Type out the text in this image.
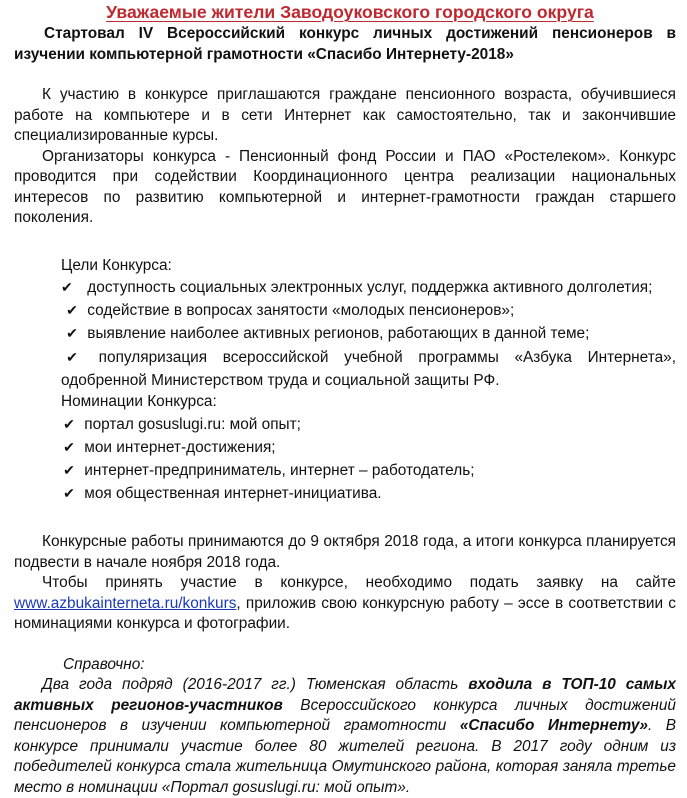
Уважаемые жители Заводоуковского городского округа

Стартовал IV Всероссийский конкурс личных достижений пенсионеров в изучении компьютерной грамотности «Спасибо Интернету-2018»

К участию в конкурсе приглашаются граждане пенсионного возраста, обучившиеся работе на компьютере и в сети Интернет как самостоятельно, так и закончившие специализированные курсы.

Организаторы конкурса - Пенсионный фонд России и ПАО «Ростелеком». Конкурс проводится при содействии Координационного центра реализации национальных интересов по развитию компьютерной и интернет-грамотности граждан старшего поколения.

Цели Конкурса:

✔ доступность социальных электронных услуг, поддержка активного долголетия;

✔ содействие в вопросах занятости «молодых пенсионеров»;

✔ выявление наиболее активных регионов, работающих в данной теме;

✔ популяризация всероссийской учебной программы «Азбука Интернета», одобренной Министерством труда и социальной защиты РФ.

Номинации Конкурса:

✔ портал gosuslugi.ru: мой опыт;

✔ мои интернет-достижения;

✔ интернет-предприниматель, интернет – работодатель;

✔ моя общественная интернет-инициатива.

Конкурсные работы принимаются до 9 октября 2018 года, а итоги конкурса планируется подвести в начале ноября 2018 года.

Чтобы принять участие в конкурсе, необходимо подать заявку на сайте www.azbukainterneta.ru/konkurs, приложив свою конкурсную работу – эссе в соответствии с номинациями конкурса и фотографии.

Справочно:

Два года подряд (2016-2017 гг.) Тюменская область входила в ТОП-10 самых активных регионов-участников Всероссийского конкурса личных достижений пенсионеров в изучении компьютерной грамотности «Спасибо Интернету». В конкурсе принимали участие более 80 жителей региона. В 2017 году одним из победителей конкурса стала жительница Омутинского района, которая заняла третье место в номинации «Портал gosuslugi.ru: мой опыт».
